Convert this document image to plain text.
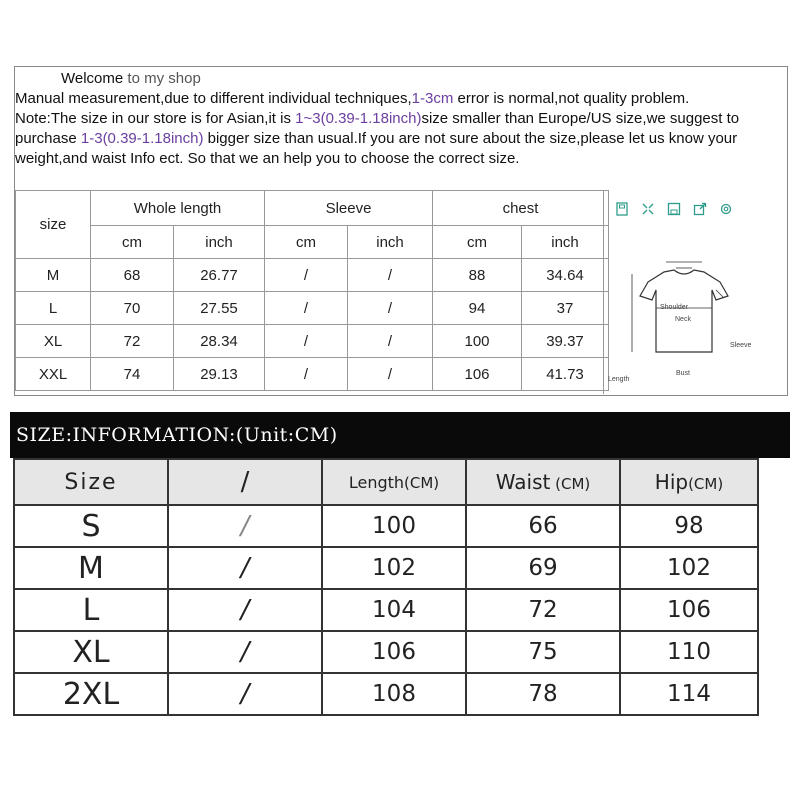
Welcome to my shop
Manual measurement,due to different individual techniques,1-3cm error is normal,not quality problem.
Note:The size in our store is for Asian,it is 1~3(0.39-1.18inch)size smaller than Europe/US size,we suggest to purchase 1-3(0.39-1.18inch) bigger size than usual.If you are not sure about the size,please let us know your weight,and waist Info ect. So that we an help you to choose the correct size.
size	Whole length		Sleeve		chest	
	cm	inch	cm	inch	cm	inch
M	68	26.77	/	/	88	34.64
L	70	27.55	/	/	94	37
XL	72	28.34	/	/	100	39.37
XXL	74	29.13	/	/	106	41.73
Shoulder
Neck
Sleeve
Bust
Length
SIZE:INFORMATION:(Unit:CM)
Size	/	Length(CM)	Waist (CM)	Hip(CM)
S	/	100	66	98
M	/	102	69	102
L	/	104	72	106
XL	/	106	75	110
2XL	/	108	78	114
